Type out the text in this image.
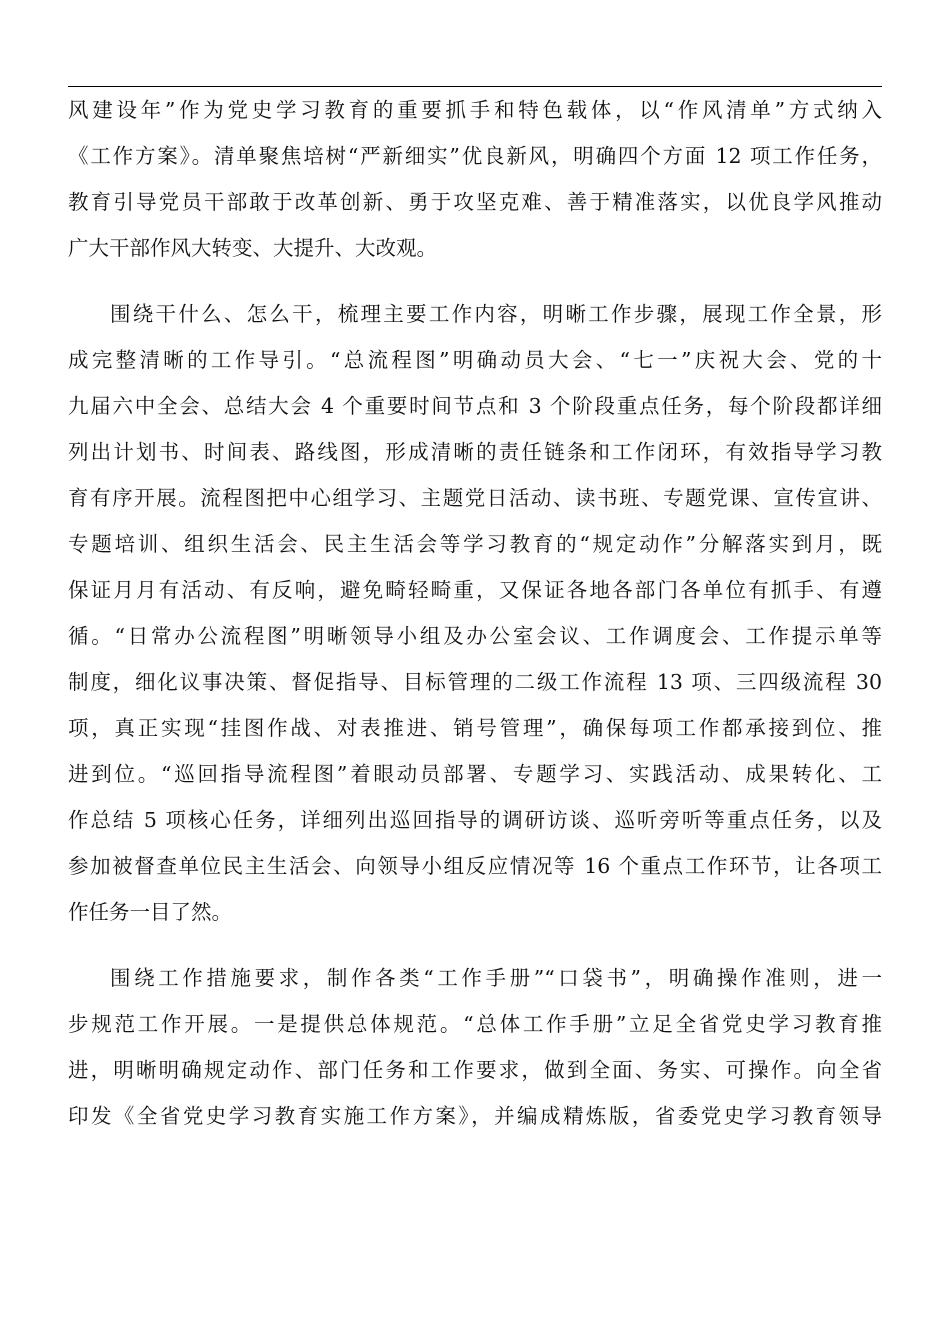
风建设年”作为党史学习教育的重要抓手和特色载体，以“作风清单”方式纳入
《工作方案》。清单聚焦培树“严新细实”优良新风，明确四个方面 12 项工作任务，
教育引导党员干部敢于改革创新、勇于攻坚克难、善于精准落实，以优良学风推动
广大干部作风大转变、大提升、大改观。
围绕干什么、怎么干，梳理主要工作内容，明晰工作步骤，展现工作全景，形
成完整清晰的工作导引。“总流程图”明确动员大会、“七一”庆祝大会、党的十
九届六中全会、总结大会 4 个重要时间节点和 3 个阶段重点任务，每个阶段都详细
列出计划书、时间表、路线图，形成清晰的责任链条和工作闭环，有效指导学习教
育有序开展。流程图把中心组学习、主题党日活动、读书班、专题党课、宣传宣讲、
专题培训、组织生活会、民主生活会等学习教育的“规定动作”分解落实到月，既
保证月月有活动、有反响，避免畸轻畸重，又保证各地各部门各单位有抓手、有遵
循。“日常办公流程图”明晰领导小组及办公室会议、工作调度会、工作提示单等
制度，细化议事决策、督促指导、目标管理的二级工作流程 13 项、三四级流程 30
项，真正实现“挂图作战、对表推进、销号管理”，确保每项工作都承接到位、推
进到位。“巡回指导流程图”着眼动员部署、专题学习、实践活动、成果转化、工
作总结 5 项核心任务，详细列出巡回指导的调研访谈、巡听旁听等重点任务，以及
参加被督查单位民主生活会、向领导小组反应情况等 16 个重点工作环节，让各项工
作任务一目了然。
围绕工作措施要求，制作各类“工作手册”“口袋书”，明确操作准则，进一
步规范工作开展。一是提供总体规范。“总体工作手册”立足全省党史学习教育推
进，明晰明确规定动作、部门任务和工作要求，做到全面、务实、可操作。向全省
印发《全省党史学习教育实施工作方案》，并编成精炼版，省委党史学习教育领导
